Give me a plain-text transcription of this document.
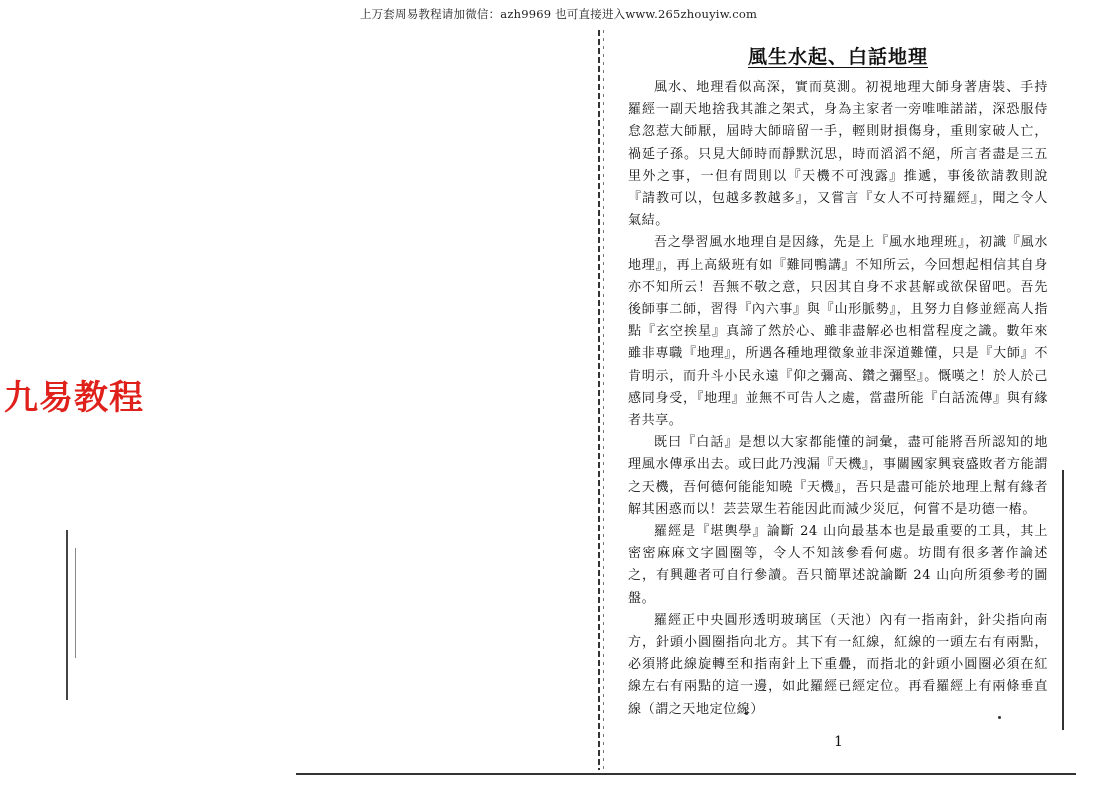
上万套周易教程请加微信：azh9969 也可直接进入www.265zhouyiw.com
九易教程
風生水起、白話地理

風水、地理看似高深，實而莫測。初視地理大師身著唐裝、手持羅經一副天地捨我其誰之架式，身為主家者一旁唯唯諾諾，深恐服侍怠忽惹大師厭，屆時大師暗留一手，輕則財損傷身，重則家破人亡，禍延子孫。只見大師時而靜默沉思，時而滔滔不絕，所言者盡是三五里外之事，一但有問則以『天機不可洩露』推遞，事後欲請教則說『請教可以，包越多教越多』，又嘗言『女人不可持羅經』，聞之令人氣結。

吾之學習風水地理自是因緣，先是上『風水地理班』，初識『風水地理』，再上高級班有如『難同鴨講』不知所云，今回想起相信其自身亦不知所云！吾無不敬之意，只因其自身不求甚解或欲保留吧。吾先後師事二師，習得『內六事』與『山形脈勢』，且努力自修並經高人指點『玄空挨星』真諦了然於心、雖非盡解必也相當程度之識。數年來雖非專職『地理』，所遇各種地理徵象並非深道難懂，只是『大師』不肯明示，而升斗小民永遠『仰之彌高、鑽之彌堅』。慨嘆之！於人於己感同身受，『地理』並無不可告人之處，當盡所能『白話流傳』與有緣者共享。

既曰『白話』是想以大家都能懂的詞彙，盡可能將吾所認知的地理風水傳承出去。或曰此乃洩漏『天機』，事關國家興衰盛敗者方能謂之天機，吾何德何能能知曉『天機』，吾只是盡可能於地理上幫有緣者解其困惑而以！芸芸眾生若能因此而減少災厄，何嘗不是功德一樁。

羅經是『堪輿學』論斷 24 山向最基本也是最重要的工具，其上密密麻麻文字圓圈等，令人不知該參看何處。坊間有很多著作論述之，有興趣者可自行參讀。吾只簡單述說論斷 24 山向所須參考的圖盤。

羅經正中央圓形透明玻璃匡（天池）內有一指南針，針尖指向南方，針頭小圓圈指向北方。其下有一紅線，紅線的一頭左右有兩點，必須將此線旋轉至和指南針上下重疊，而指北的針頭小圓圈必須在紅線左右有兩點的這一邊，如此羅經已經定位。再看羅經上有兩條垂直線（謂之天地定位線）

1
